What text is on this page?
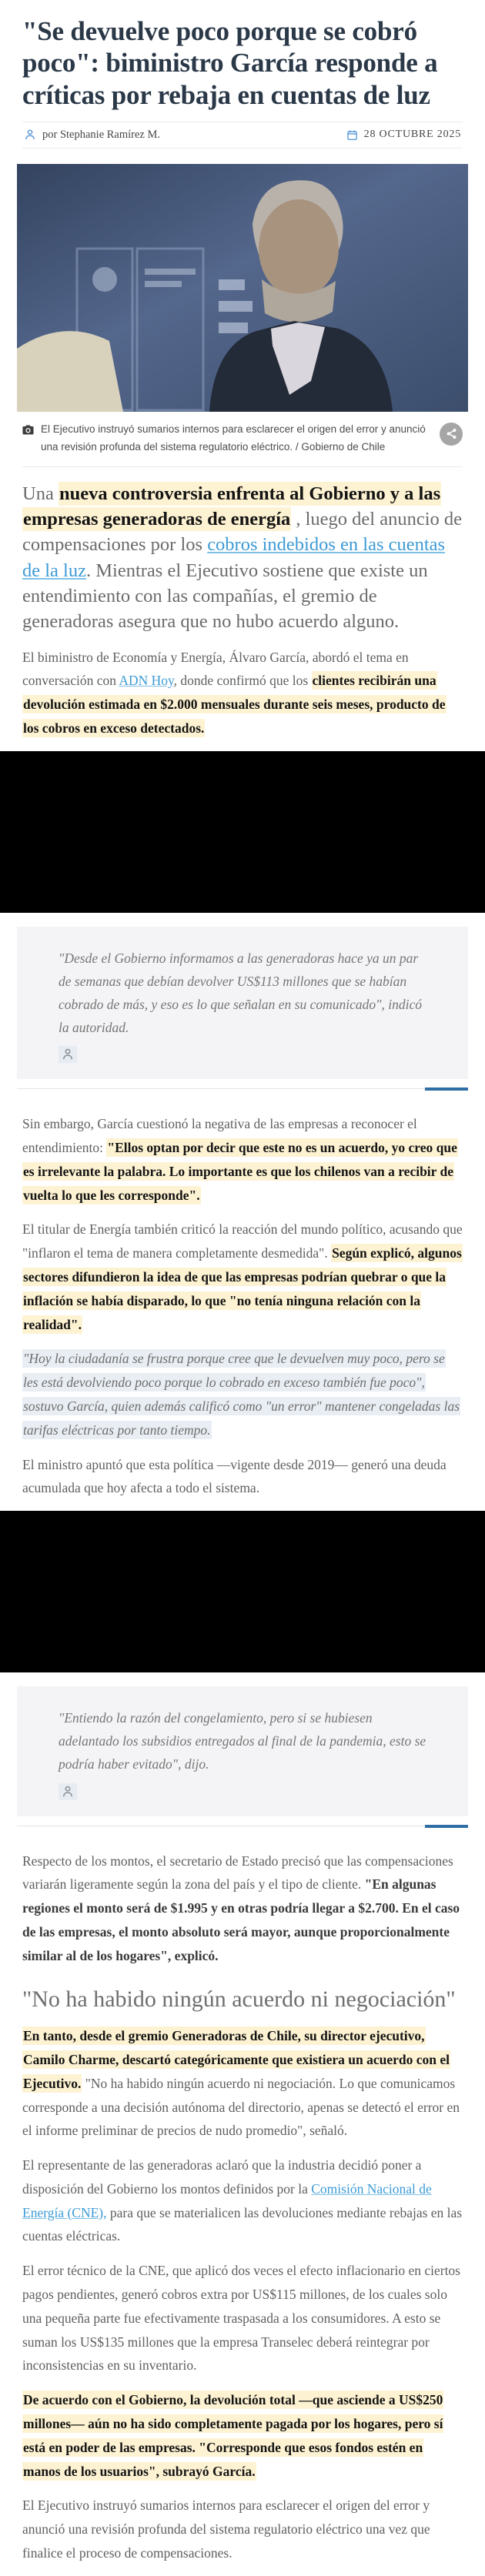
"Se devuelve poco porque se cobró poco": biministro García responde a críticas por rebaja en cuentas de luz
por Stephanie Ramírez M.	28 OCTUBRE 2025

El Ejecutivo instruyó sumarios internos para esclarecer el origen del error y anunció una revisión profunda del sistema regulatorio eléctrico. / Gobierno de Chile

Una nueva controversia enfrenta al Gobierno y a las empresas generadoras de energía , luego del anuncio de compensaciones por los cobros indebidos en las cuentas de la luz. Mientras el Ejecutivo sostiene que existe un entendimiento con las compañías, el gremio de generadoras asegura que no hubo acuerdo alguno.

El biministro de Economía y Energía, Álvaro García, abordó el tema en conversación con ADN Hoy, donde confirmó que los clientes recibirán una devolución estimada en $2.000 mensuales durante seis meses, producto de los cobros en exceso detectados.

"Desde el Gobierno informamos a las generadoras hace ya un par de semanas que debían devolver US$113 millones que se habían cobrado de más, y eso es lo que señalan en su comunicado", indicó la autoridad.

Sin embargo, García cuestionó la negativa de las empresas a reconocer el entendimiento: "Ellos optan por decir que este no es un acuerdo, yo creo que es irrelevante la palabra. Lo importante es que los chilenos van a recibir de vuelta lo que les corresponde".

El titular de Energía también criticó la reacción del mundo político, acusando que "inflaron el tema de manera completamente desmedida". Según explicó, algunos sectores difundieron la idea de que las empresas podrían quebrar o que la inflación se había disparado, lo que "no tenía ninguna relación con la realidad".

"Hoy la ciudadanía se frustra porque cree que le devuelven muy poco, pero se les está devolviendo poco porque lo cobrado en exceso también fue poco", sostuvo García, quien además calificó como "un error" mantener congeladas las tarifas eléctricas por tanto tiempo.

El ministro apuntó que esta política —vigente desde 2019— generó una deuda acumulada que hoy afecta a todo el sistema.

"Entiendo la razón del congelamiento, pero si se hubiesen adelantado los subsidios entregados al final de la pandemia, esto se podría haber evitado", dijo.

Respecto de los montos, el secretario de Estado precisó que las compensaciones variarán ligeramente según la zona del país y el tipo de cliente. "En algunas regiones el monto será de $1.995 y en otras podría llegar a $2.700. En el caso de las empresas, el monto absoluto será mayor, aunque proporcionalmente similar al de los hogares", explicó.

"No ha habido ningún acuerdo ni negociación"

En tanto, desde el gremio Generadoras de Chile, su director ejecutivo, Camilo Charme, descartó categóricamente que existiera un acuerdo con el Ejecutivo. "No ha habido ningún acuerdo ni negociación. Lo que comunicamos corresponde a una decisión autónoma del directorio, apenas se detectó el error en el informe preliminar de precios de nudo promedio", señaló.

El representante de las generadoras aclaró que la industria decidió poner a disposición del Gobierno los montos definidos por la Comisión Nacional de Energía (CNE), para que se materialicen las devoluciones mediante rebajas en las cuentas eléctricas.

El error técnico de la CNE, que aplicó dos veces el efecto inflacionario en ciertos pagos pendientes, generó cobros extra por US$115 millones, de los cuales solo una pequeña parte fue efectivamente traspasada a los consumidores. A esto se suman los US$135 millones que la empresa Transelec deberá reintegrar por inconsistencias en su inventario.

De acuerdo con el Gobierno, la devolución total —que asciende a US$250 millones— aún no ha sido completamente pagada por los hogares, pero sí está en poder de las empresas. "Corresponde que esos fondos estén en manos de los usuarios", subrayó García.

El Ejecutivo instruyó sumarios internos para esclarecer el origen del error y anunció una revisión profunda del sistema regulatorio eléctrico una vez que finalice el proceso de compensaciones.
